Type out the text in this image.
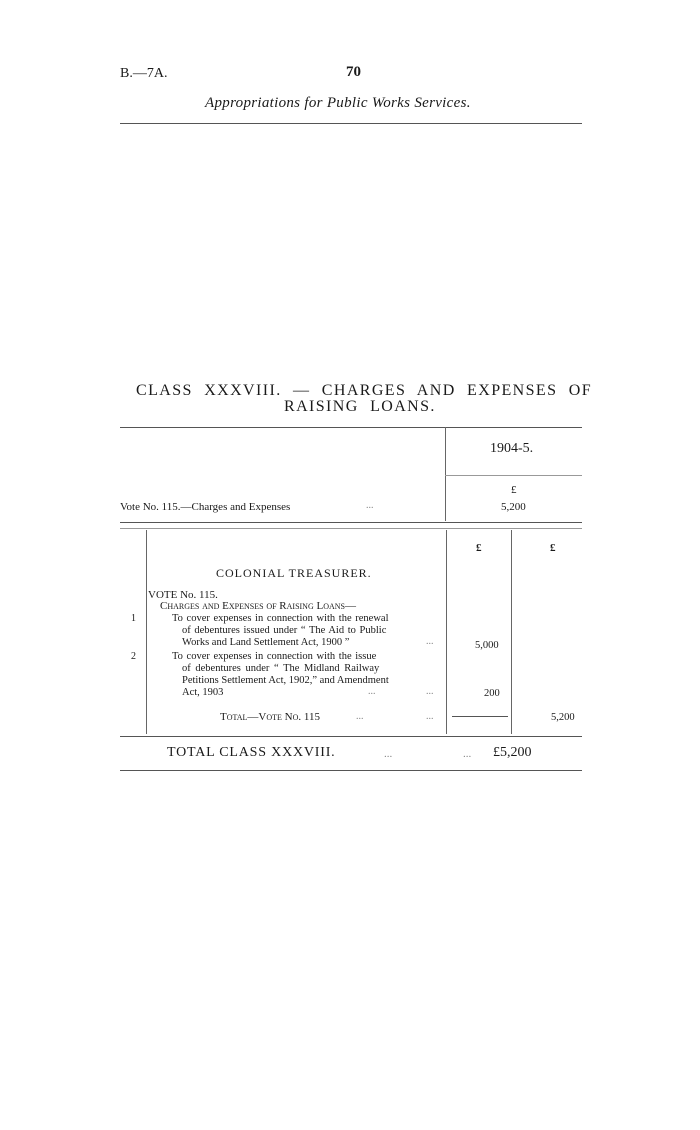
B.—7A.	70
Appropriations for Public Works Services.
CLASS XXXVIII. — CHARGES AND EXPENSES OF
RAISING LOANS.
1904-5.
£
Vote No. 115.—Charges and Expenses	...	5,200
£	£
COLONIAL TREASURER.
VOTE No. 115.
Charges and Expenses of Raising Loans—
1	To cover expenses in connection with the renewal
of debentures issued under “ The Aid to Public
Works and Land Settlement Act, 1900 ”	...	5,000
2	To cover expenses in connection with the issue
of debentures under “ The Midland Railway
Petitions Settlement Act, 1902,” and Amendment
Act, 1903	...	...	200
Total—Vote No. 115	...	...	5,200
TOTAL CLASS XXXVIII.	...	... £5,200
